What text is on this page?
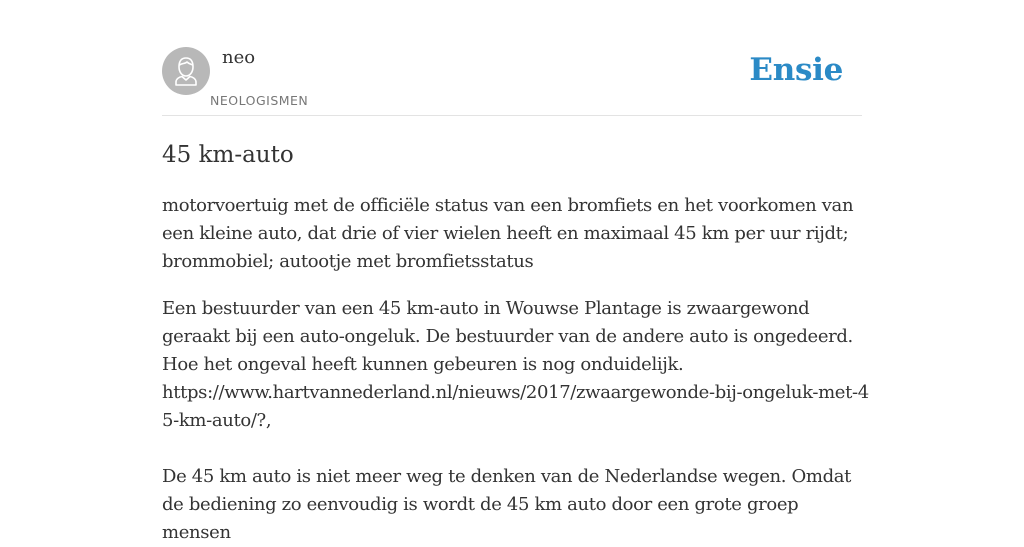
neo
NEOLOGISMEN
Ensie
45 km-auto

motorvoertuig met de officiële status van een bromfiets en het voorkomen van een kleine auto, dat drie of vier wielen heeft en maximaal 45 km per uur rijdt; brommobiel; autootje met bromfietsstatus

Een bestuurder van een 45 km-auto in Wouwse Plantage is zwaargewond geraakt bij een auto-ongeluk. De bestuurder van de andere auto is ongedeerd. Hoe het ongeval heeft kunnen gebeuren is nog onduidelijk.
https://www.hartvannederland.nl/nieuws/2017/zwaargewonde-bij-ongeluk-met-45-km-auto/?,

De 45 km auto is niet meer weg te denken van de Nederlandse wegen. Omdat de bediening zo eenvoudig is wordt de 45 km auto door een grote groep mensen
